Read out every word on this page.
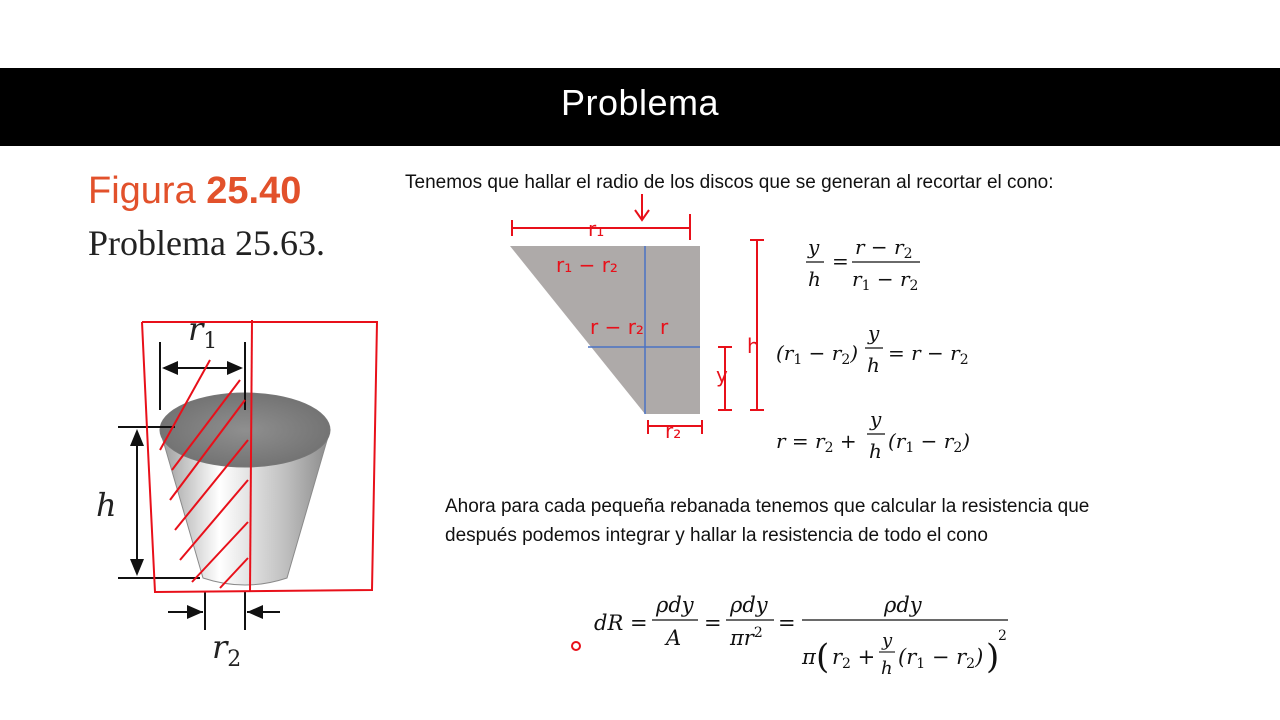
Problema
Figura 25.40
Problema 25.63.
$r_1$
h
$r_2$
Tenemos que hallar el radio de los discos que se generan al recortar el cono:
r₁
r₁ − r₂
r − r₂ r
y
h
r₂
y
h
=
$r - r_2$
$r_1 - r_2$
$(r_1 - r_2)$
y
$h = r - r_2$
$r = r_2$ +
y
h $(r_1 - r_2)$
Ahora para cada pequeña rebanada tenemos que calcular la resistencia que
después podemos integrar y hallar la resistencia de todo el cono
dR =
ρdy
A
=
ρdy
$\pi r^2$ =
ρdy
π ( r2 +
y
h (r1 − r2) )
2
